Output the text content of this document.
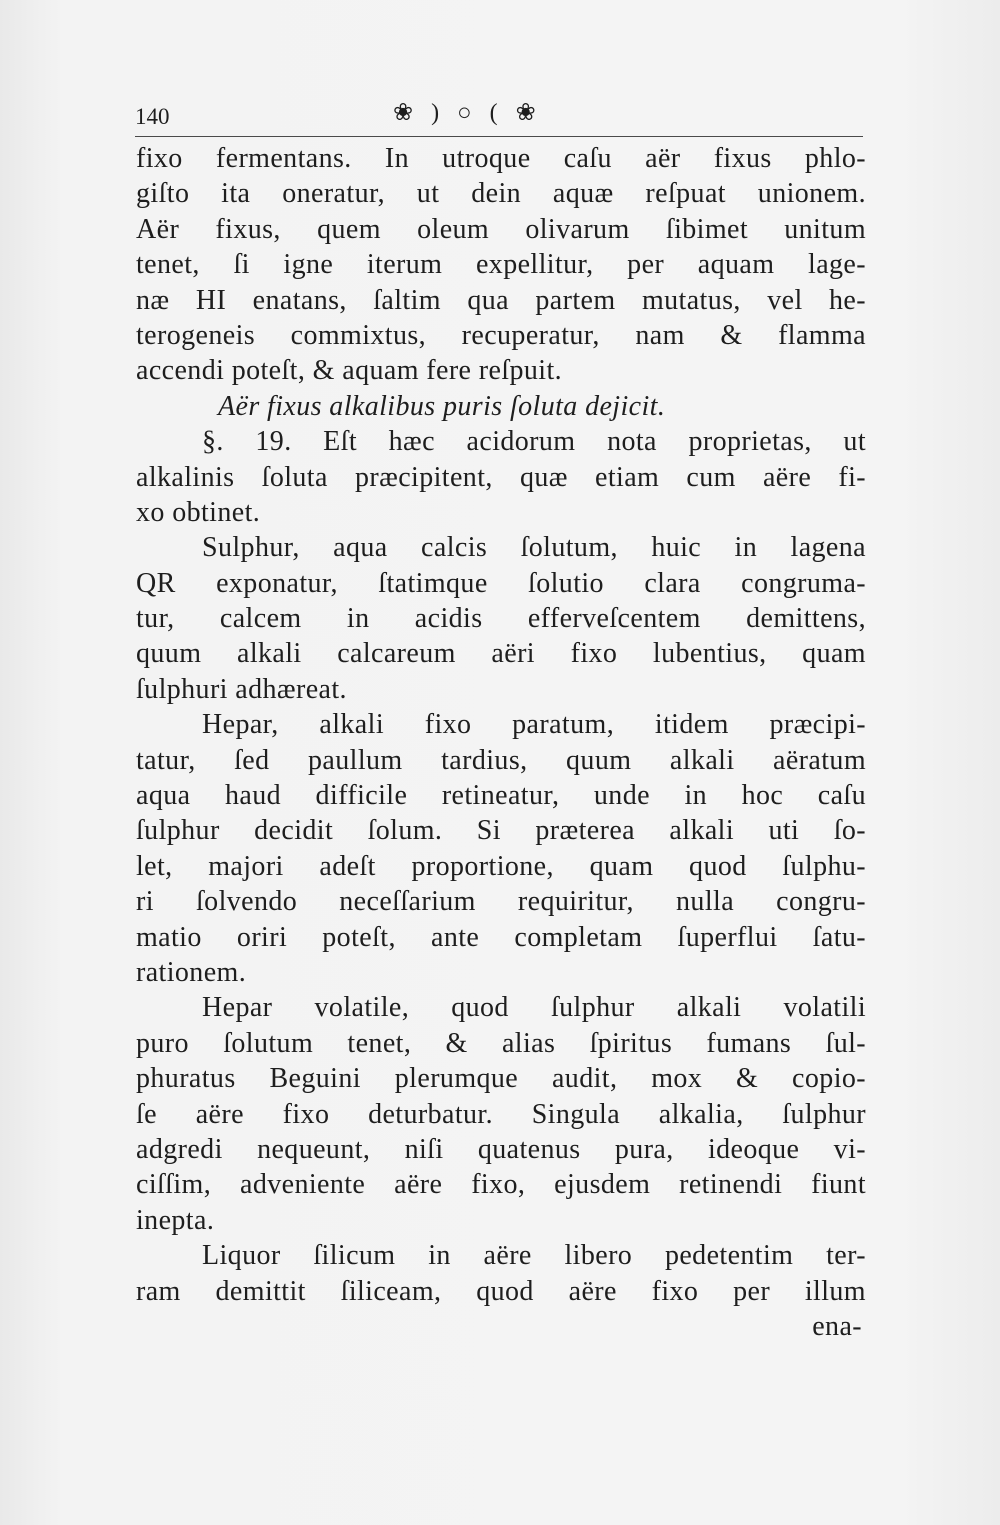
140	❀ ) ○ ( ❀
fixo fermentans. In utroque caſu aër fixus phlo-
giſto ita oneratur, ut dein aquæ reſpuat unionem.
Aër fixus, quem oleum olivarum ſibimet unitum
tenet, ſi igne iterum expellitur, per aquam lage-
næ HI enatans, ſaltim qua partem mutatus, vel he-
terogeneis commixtus, recuperatur, nam & flamma
accendi poteſt, & aquam fere reſpuit.
Aër fixus alkalibus puris ſoluta dejicit.
§. 19. Eſt hæc acidorum nota proprietas, ut
alkalinis ſoluta præcipitent, quæ etiam cum aëre fi-
xo obtinet.
Sulphur, aqua calcis ſolutum, huic in lagena
QR exponatur, ſtatimque ſolutio clara congruma-
tur, calcem in acidis efferveſcentem demittens,
quum alkali calcareum aëri fixo lubentius, quam
ſulphuri adhæreat.
Hepar, alkali fixo paratum, itidem præcipi-
tatur, ſed paullum tardius, quum alkali aëratum
aqua haud difficile retineatur, unde in hoc caſu
ſulphur decidit ſolum. Si præterea alkali uti ſo-
let, majori adeſt proportione, quam quod ſulphu-
ri ſolvendo neceſſarium requiritur, nulla congru-
matio oriri poteſt, ante completam ſuperflui ſatu-
rationem.
Hepar volatile, quod ſulphur alkali volatili
puro ſolutum tenet, & alias ſpiritus fumans ſul-
phuratus Beguini plerumque audit, mox & copio-
ſe aëre fixo deturbatur. Singula alkalia, ſulphur
adgredi nequeunt, niſi quatenus pura, ideoque vi-
ciſſim, adveniente aëre fixo, ejusdem retinendi fiunt
inepta.
Liquor ſilicum in aëre libero pedetentim ter-
ram demittit ſiliceam, quod aëre fixo per illum
ena-
